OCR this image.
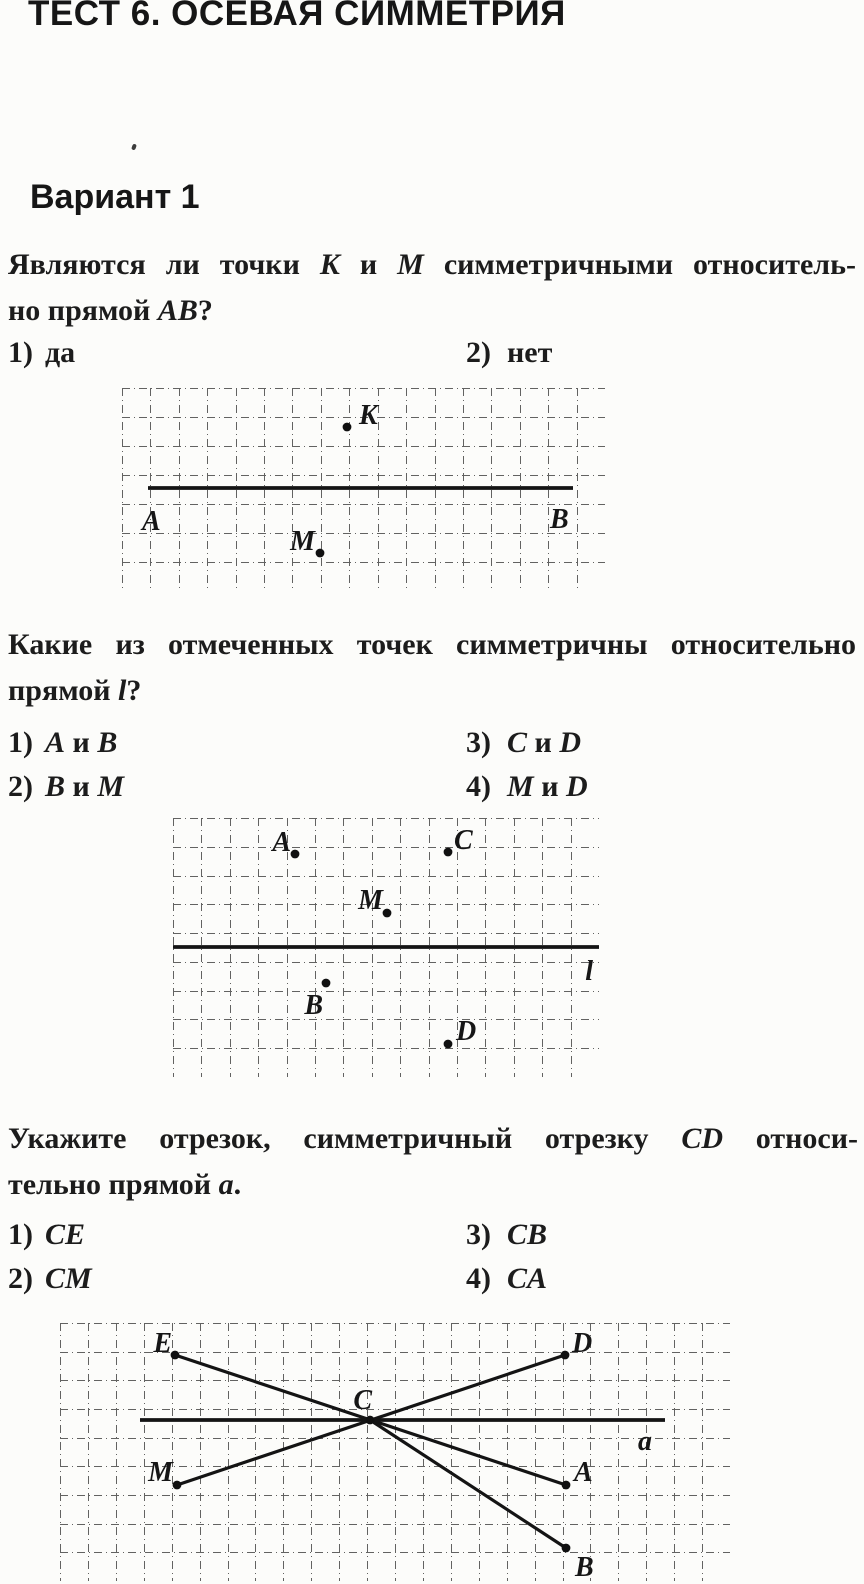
ТЕСТ 6. ОСЕВАЯ СИММЕТРИЯ
Вариант 1
Являются ли точки K и M симметричными относитель-
но прямой AB?
1) да	2) нет
A	B
K
M
Какие из отмеченных точек симметричны относительно
прямой l?
1) A и B
2) B и M
3) C и D
4) M и D
A	C
M
B
D
l
Укажите отрезок, симметричный отрезку CD относи-
тельно прямой a.
1) CE
2) CM
3) CB
4) CA
E
M
D
A
B
C
a
